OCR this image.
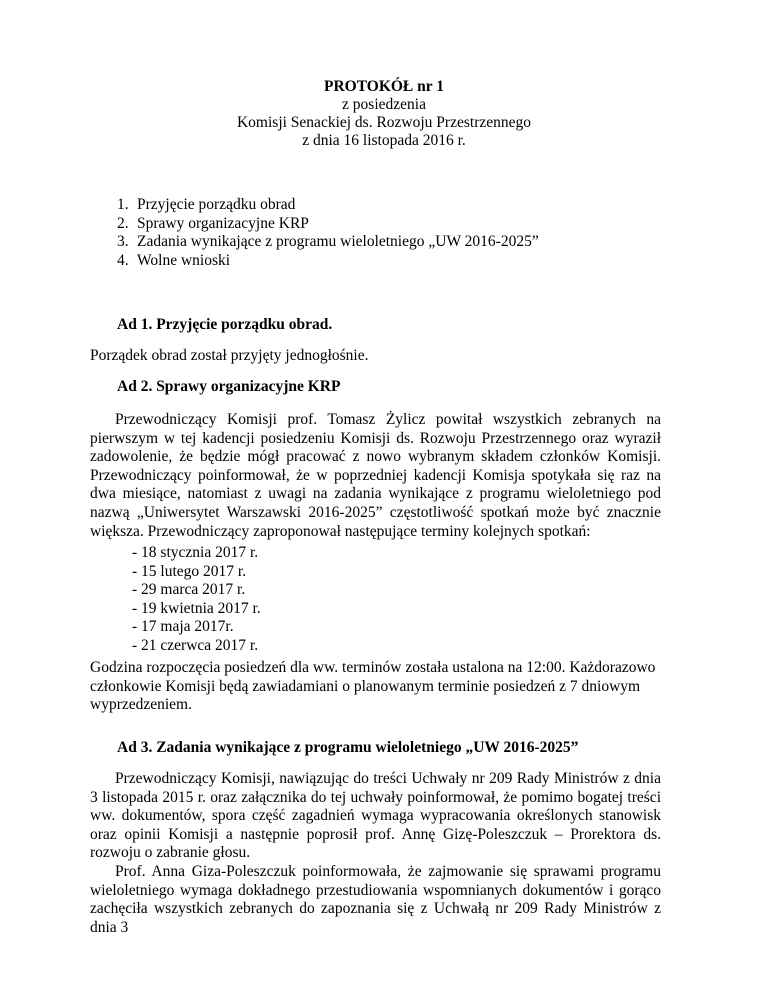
PROTOKÓŁ nr 1
z posiedzenia
Komisji Senackiej ds. Rozwoju Przestrzennego
z dnia 16 listopada 2016 r.
1. Przyjęcie porządku obrad
2. Sprawy organizacyjne KRP
3. Zadania wynikające z programu wieloletniego „UW 2016-2025”
4. Wolne wnioski
Ad 1. Przyjęcie porządku obrad.
Porządek obrad został przyjęty jednogłośnie.
Ad 2. Sprawy organizacyjne KRP
Przewodniczący Komisji prof. Tomasz Żylicz powitał wszystkich zebranych na pierwszym w tej kadencji posiedzeniu Komisji ds. Rozwoju Przestrzennego oraz wyraził zadowolenie, że będzie mógł pracować z nowo wybranym składem członków Komisji. Przewodniczący poinformował, że w poprzedniej kadencji Komisja spotykała się raz na dwa miesiące, natomiast z uwagi na zadania wynikające z programu wieloletniego pod nazwą „Uniwersytet Warszawski 2016-2025” częstotliwość spotkań może być znacznie większa. Przewodniczący zaproponował następujące terminy kolejnych spotkań:
- 18 stycznia 2017 r.
- 15 lutego 2017 r.
- 29 marca 2017 r.
- 19 kwietnia 2017 r.
- 17 maja 2017r.
- 21 czerwca 2017 r.
Godzina rozpoczęcia posiedzeń dla ww. terminów została ustalona na 12:00. Każdorazowo członkowie Komisji będą zawiadamiani o planowanym terminie posiedzeń z 7 dniowym wyprzedzeniem.
Ad 3. Zadania wynikające z programu wieloletniego „UW 2016-2025”
Przewodniczący Komisji, nawiązując do treści Uchwały nr 209 Rady Ministrów z dnia 3 listopada 2015 r. oraz załącznika do tej uchwały poinformował, że pomimo bogatej treści ww. dokumentów, spora część zagadnień wymaga wypracowania określonych stanowisk oraz opinii Komisji a następnie poprosił prof. Annę Gizę-Poleszczuk – Prorektora ds. rozwoju o zabranie głosu.
Prof. Anna Giza-Poleszczuk poinformowała, że zajmowanie się sprawami programu wieloletniego wymaga dokładnego przestudiowania wspomnianych dokumentów i gorąco zachęciła wszystkich zebranych do zapoznania się z Uchwałą nr 209 Rady Ministrów z dnia 3
